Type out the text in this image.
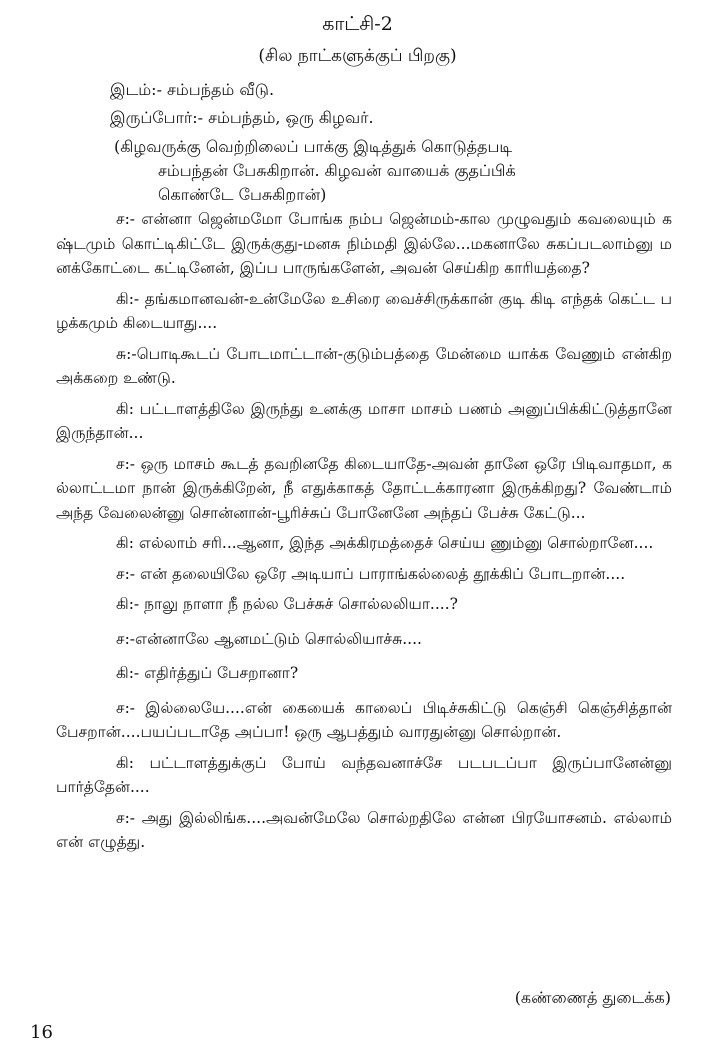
காட்சி-2
(சில நாட்களுக்குப் பிறகு)
இடம்:- சம்பந்தம் வீடு.
இருப்போர்:- சம்பந்தம், ஒரு கிழவர்.
(கிழவருக்கு வெற்றிலைப் பாக்கு இடித்துக் கொடுத்தபடி
சம்பந்தன் பேசுகிறான். கிழவன் வாயைக் குதப்பிக்
கொண்டே பேசுகிறான்)

ச:- என்னா ஜென்மமோ போங்க நம்ப ஜென்மம்-கால முழுவதும் கவலையும் கஷ்டமும் கொட்டிகிட்டே இருக்குது-மனசு நிம்மதி இல்லே...மகனாலே சுகப்படலாம்னு மனக்கோட்டை கட்டினேன், இப்ப பாருங்களேன், அவன் செய்கிற காரியத்தை?

கி:- தங்கமானவன்-உன்மேலே உசிரை வைச்சிருக்கான் குடி கிடி எந்தக் கெட்ட பழக்கமும் கிடையாது....

சு:-பொடிகூடப் போடமாட்டான்-குடும்பத்தை மேன்மை யாக்க வேணும் என்கிற அக்கறை உண்டு.

கி: பட்டாளத்திலே இருந்து உனக்கு மாசா மாசம் பணம் அனுப்பிக்கிட்டுத்தானே இருந்தான்...

ச:- ஒரு மாசம் கூடத் தவறினதே கிடையாதே-அவன் தானே ஒரே பிடிவாதமா, கல்லாட்டமா நான் இருக்கிறேன், நீ எதுக்காகத் தோட்டக்காரனா இருக்கிறது? வேண்டாம் அந்த வேலைன்னு சொன்னான்-பூரிச்சுப் போனேனே அந்தப் பேச்சு கேட்டு...

கி: எல்லாம் சரி...ஆனா, இந்த அக்கிரமத்தைச் செய்ய ணும்னு சொல்றானே....

ச:- என் தலையிலே ஒரே அடியாப் பாராங்கல்லைத் தூக்கிப் போடறான்....

கி:- நாலு நாளா நீ நல்ல பேச்சுச் சொல்லலியா....?

ச:-என்னாலே ஆனமட்டும் சொல்லியாச்சு....

கி:- எதிர்த்துப் பேசறானா?

ச:- இல்லையே....என் கையைக் காலைப் பிடிச்சுகிட்டு கெஞ்சி கெஞ்சித்தான் பேசறான்....பயப்படாதே அப்பா! ஒரு ஆபத்தும் வாரதுன்னு சொல்றான்.

கி: பட்டாளத்துக்குப் போய் வந்தவனாச்சே படபடப்பா இருப்பானேன்னு பார்த்தேன்....

ச:- அது இல்லிங்க....அவன்மேலே சொல்றதிலே என்ன பிரயோசனம். எல்லாம் என் எழுத்து.

(கண்ணைத் துடைக்க)
16
